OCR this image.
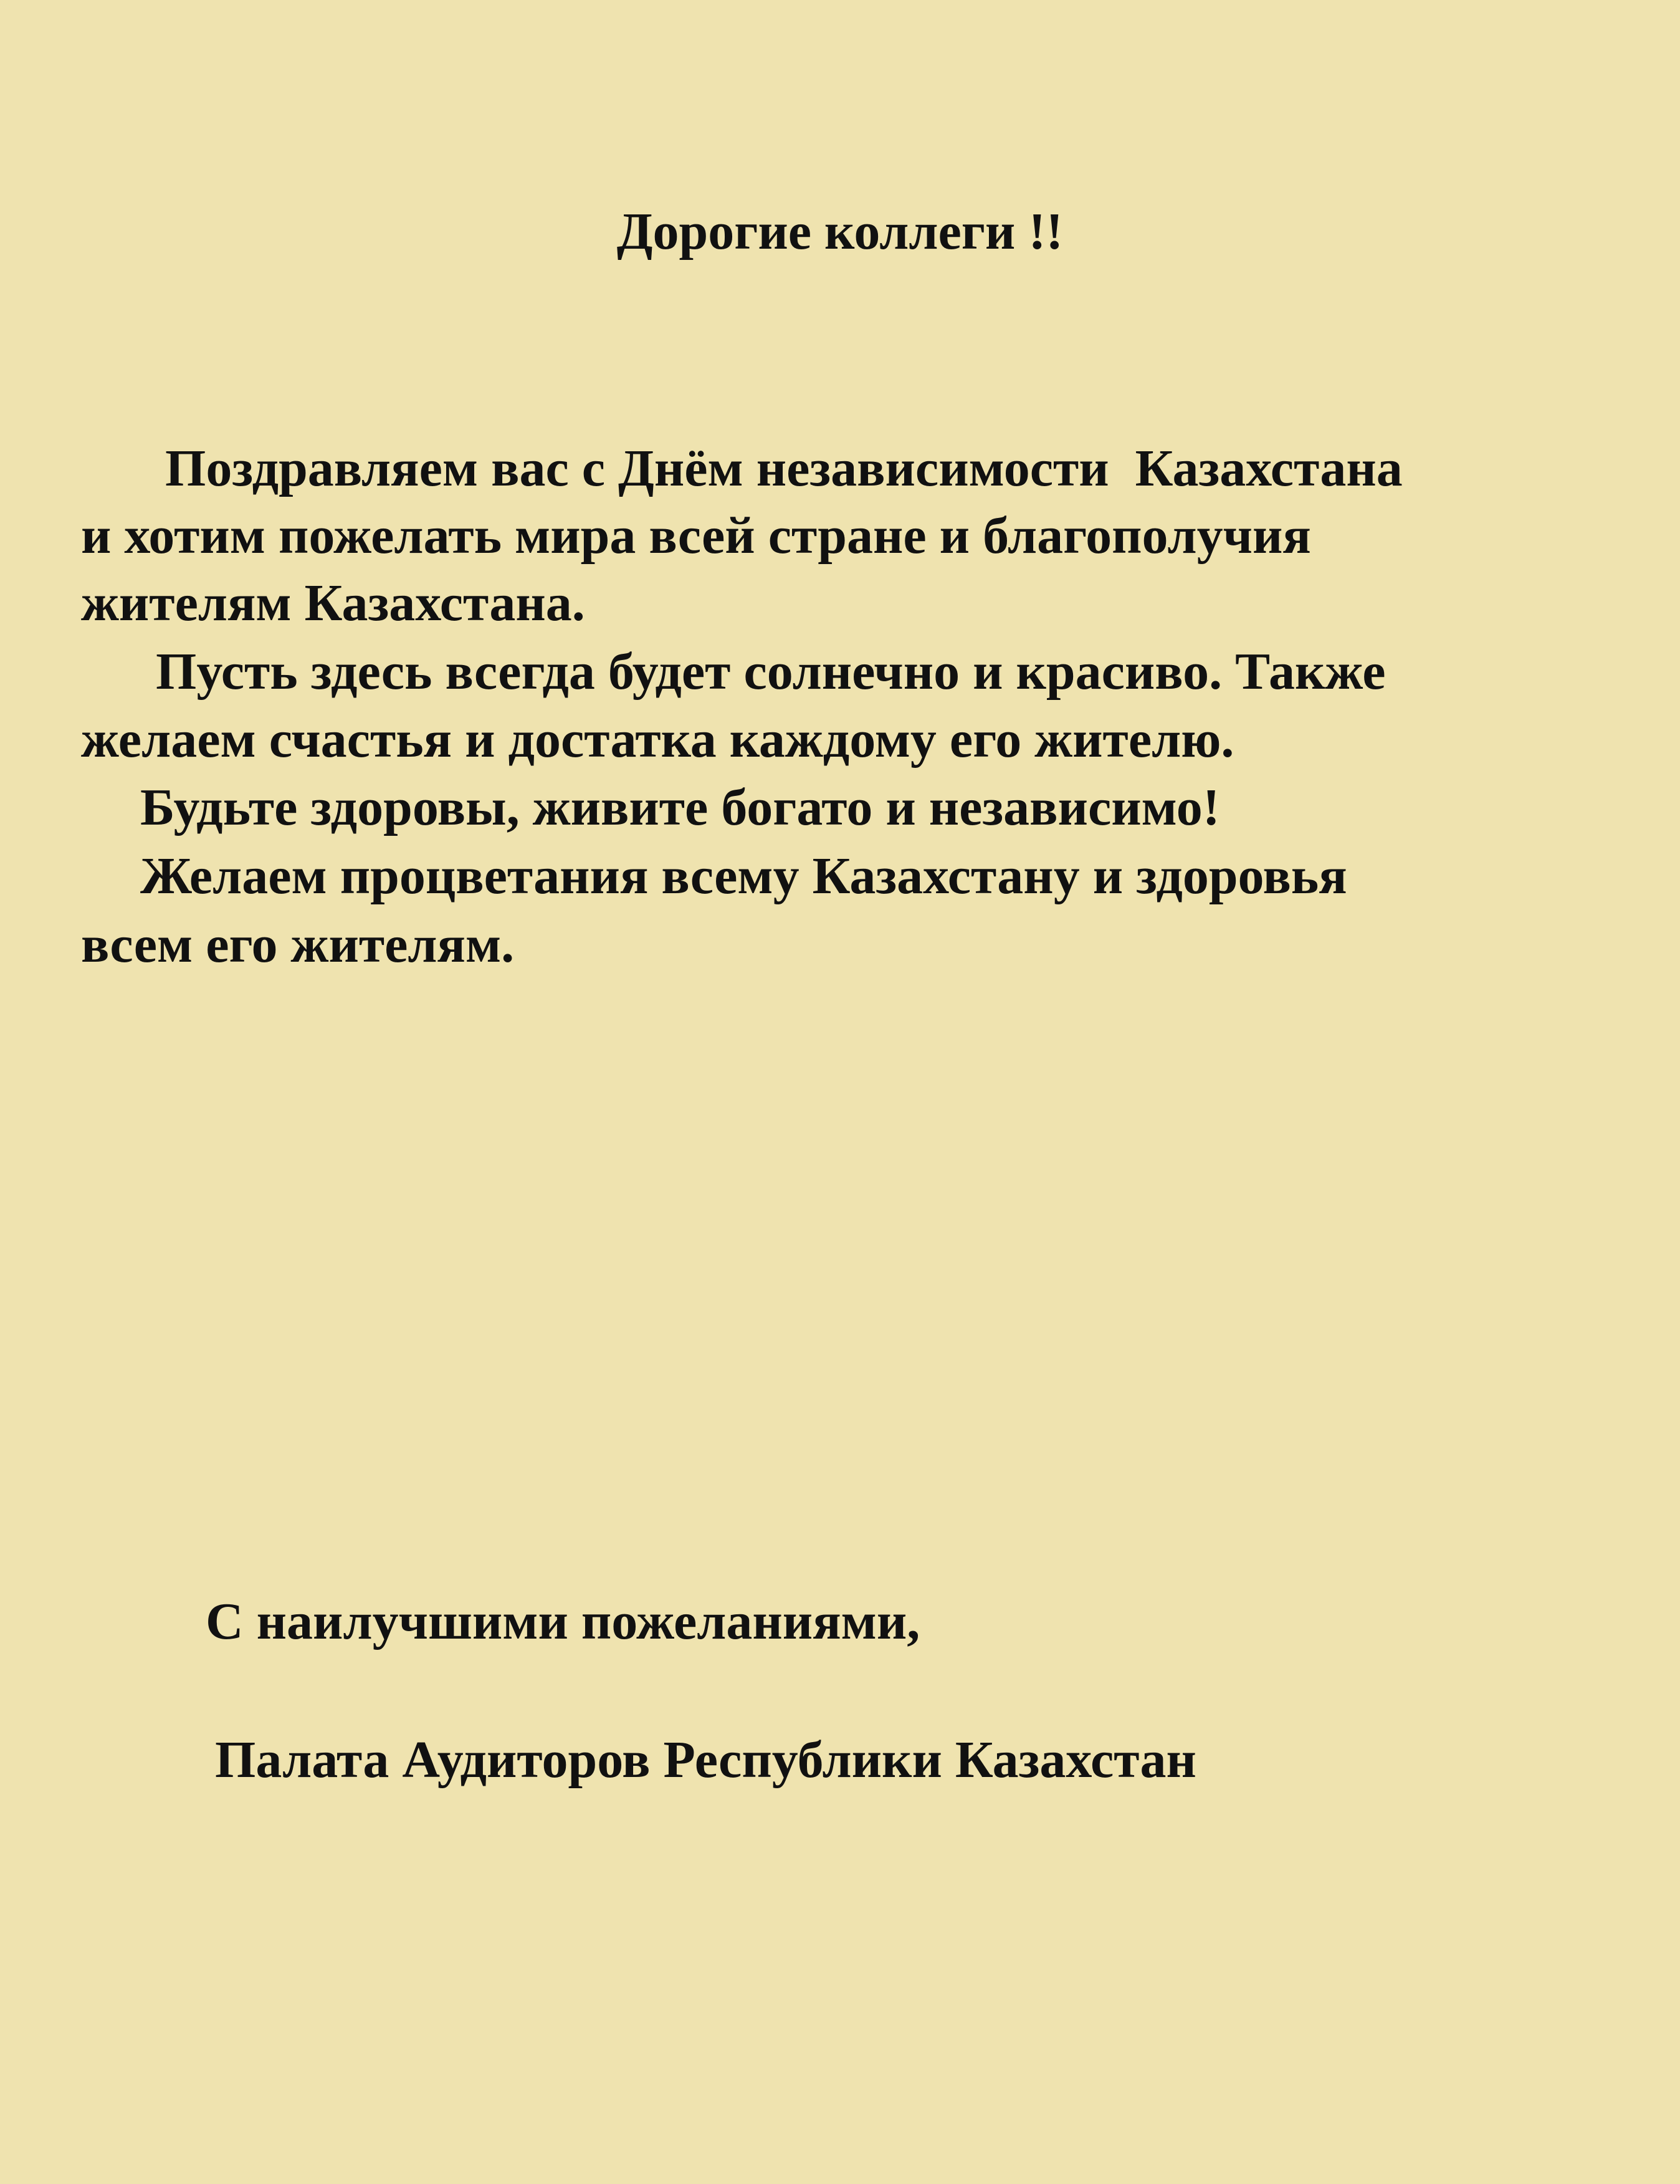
Дорогие коллеги !!
Поздравляем вас с Днём независимости  Казахстана
и хотим пожелать мира всей стране и благополучия
жителям Казахстана.
Пусть здесь всегда будет солнечно и красиво. Также
желаем счастья и достатка каждому его жителю.
Будьте здоровы, живите богато и независимо!
Желаем процветания всему Казахстану и здоровья
всем его жителям.
С наилучшими пожеланиями,
Палата Аудиторов Республики Казахстан
